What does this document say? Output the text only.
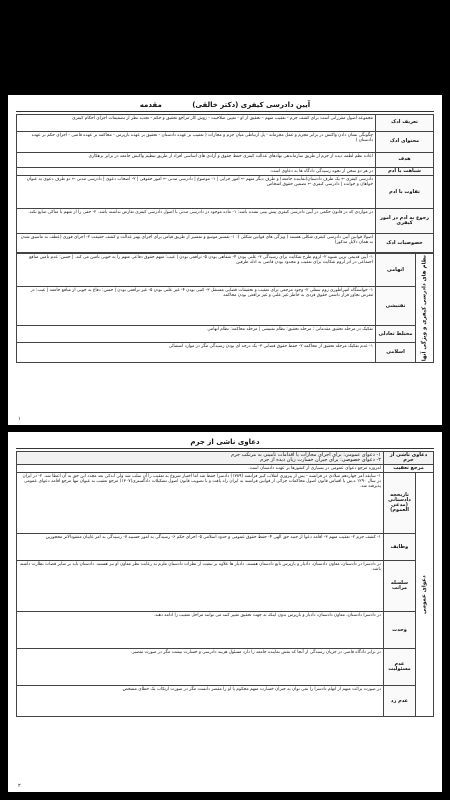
آیین دادرسی کیفری (دکتر خالقی) مقدمه
تعریف ادک	مجموعه اصول مقرراتی است برای کشف جرم - تعقیب متهم - تحقیق از او - تعیین صلاحیت - روش کار مراجع تحقیق و حکم - تجدید نظر از تصمیمات اجرای احکام کیفری
محتوای ادک	چگونگی نشان دادن واکنش در برابر مجرم و عمل مجرمانه - پل ارتباطی میان جرم و مجازات ( تعقیب بر عهده دادستان - تحقیق بر عهده بازپرس - محاکمه بر عهده قاضی - اجرای حکم بر عهده دادستان )
هدف	اعاده نظم لطمه دیده از جرم از طریق سازماندهی نهادهای عدالت کیفری حفظ حقوق و آزادی های اساسی افراد از طریق تنظیم واکنش جامعه در برابر بزهکاری
شباهت با ادم	در هر دو سخن از نحوه رسیدگی دادگاه ها به دعاوی است.
تفاوت با ادم	دادرسی کیفری ← یک طرف دادستان(نماینده جامعه) و طرف دیگر متهم ← امور جزایی | ۱- موضوع | دادرسی مدنی ← امور حقوقی | ۲- اصحاب دعوی | دادرسی مدنی ← دو طرف دعوی به عنوان خواهان و خوانده | دادرسی کیفری ← تضمین حقوق اشخاص
رجوع به ادم در امور کیفری	در مواردی که در قانون حکمی در آیین دادرسی کیفری پیش بینی نشده باشد: ۱- ماده موجود در دادرسی مدنی با اصول دادرسی کیفری تعارض نداشته باشد. ۲- حقی را از متهم یا متاکی ضایع نکند.
خصوصیات ادک	اصولا قوانین آیین دادرسی کیفری شکلی هستند ( ویژگی های قوانین شکلی ): ۱- تفسیر موسع و تمسیر از طریق قیاس برای اجرای بهتر عدالت و کشف حقیقت ۲- اجرای فوری (عطف به ماسبق شدن به همان دلایل مذکور)
نظام های دادرسی کیفری و ویژگی آنها	اتهامی	۱- آیین قدیمی ترین شیوه ۲- لزوم طرح شکایت برای رسیدگی ۳- علنی بودن ۴- شفاهی بودن ۵- ترافعی بودن | عیب: متهم حقوق دفاعی متهم را به خوبی تامین می کند. | حسن: عدم تامین منافع اجتماعی در اثر لزوم شکایت برای تعقیب و محدود بودن قاضی به ادله طرفین
	تفتیشی	۱- خواستگاه امپراطوری روم سفلی ۲- وجود مرجعی برای تعقیب و تحقیقات قضایی مستقل ۳- کتبی بودن ۴- غیر علنی بودن ۵- غیر ترافعی بودن | حسن: دفاع به خوبی از منافع جامعه | عیب: در معرض تجاوز قرار داشتن حقوق فردی به خاطر غیر علنی و غیر ترافعی بودن محاکمه
	مختلط تعادلی	تفکیک در مرحله تحقیق مقدماتی : مرحله تحقیق: نظام تفتیشی | مرحله محاکمه: نظام اتهامی
	اسلامی	۱- عدم تفکیک مرحله تحقیق از محاکمه ۲- حفظ حقوق قضایی ۳- یک درجه ای بودن رسیدگی مگر در موارد استثنائی
۱
دعاوی ناشی از جرم
دعاوی ناشی از جرم		۱- دعوای عمومی: برای اجرای مجازات یا اقدامات تامینی به مرتکب جرم
۲- دعوای خصوصی: برای جبران خسارت زیان دیده از جرم

مرجع تعقیب		امروزه مرجع دعوای عمومی در بسیاری از کشورها بر عهده دادستان است.
دعوای عمومی	تاریخچه دادستانی (مدعی العموم)	۱- سابقه امر جهاردهم میلادی در فرانسه - پس از پیروزی انقلاب کبیر فرانسه (۱۷۸۹) دادسرا حفظ شد اما اختیار شروع به تعقیب را آن سلب شد ولی اندکی بعد مجدد این حق به آن اعطا شد. ۲- در ایران در سال ۱۲۹۰ ه.ش با اقتباس قانون اصول محاکمات جزائی از قوانین فرانسه به ایران راه یافت و با تصویب قانون اصول تشکیلات دادگستری(۱۳۰۷) مرجع تعقیب به عنوان تنها مرجع اقامه دعوای عمومی پذیرفته شد.
	وظایف	۱- کشف جرم ۲- تعقیب متهم ۳- اقامه دعوا از جنبه حق الهی ۴- حفظ حقوق عمومی و حدود اسلامی ۵- اجرای حکم ۶- رسیدگی به امور حسبیه ۷- رسیدگی به امر غایبان مفقودالاثر محجورین
	سلسله مراتب	در دادسرا در دادستان، معاون دادستان، دادیار و بازپرس تابع دادستان هستند. دادیار ها علاوه بر تبعیت از نظرات دادستان ملزم به رعایت نظر معاون او نیز هستند. دادستان باید بر سایر قضات نظارت داشته باشد.
	وحدت	در دادسرا دادستان، معاون دادستان، دادیار و بازپرس بدون اینکه به جهت تحقیق تغییر کنند می توانند مراحل تعقیب را ادامه دهند.
	عدم مسئولیت	در برابر دادگاه قاضی در جریان رسیدگی از آنجا که نقش نماینده جامعه را دارد مسئول هزینه دادرسی و خسارت نیست مگر در صورت تقصیر.
	عدم رد	در صورت برائت متهم از اتهام دادسرا را نمی توان به جبران خسارت متهم محکوم یا او را مقصر دانست مگر در صورت ارتکاب یک خطای مشخص.
۲
